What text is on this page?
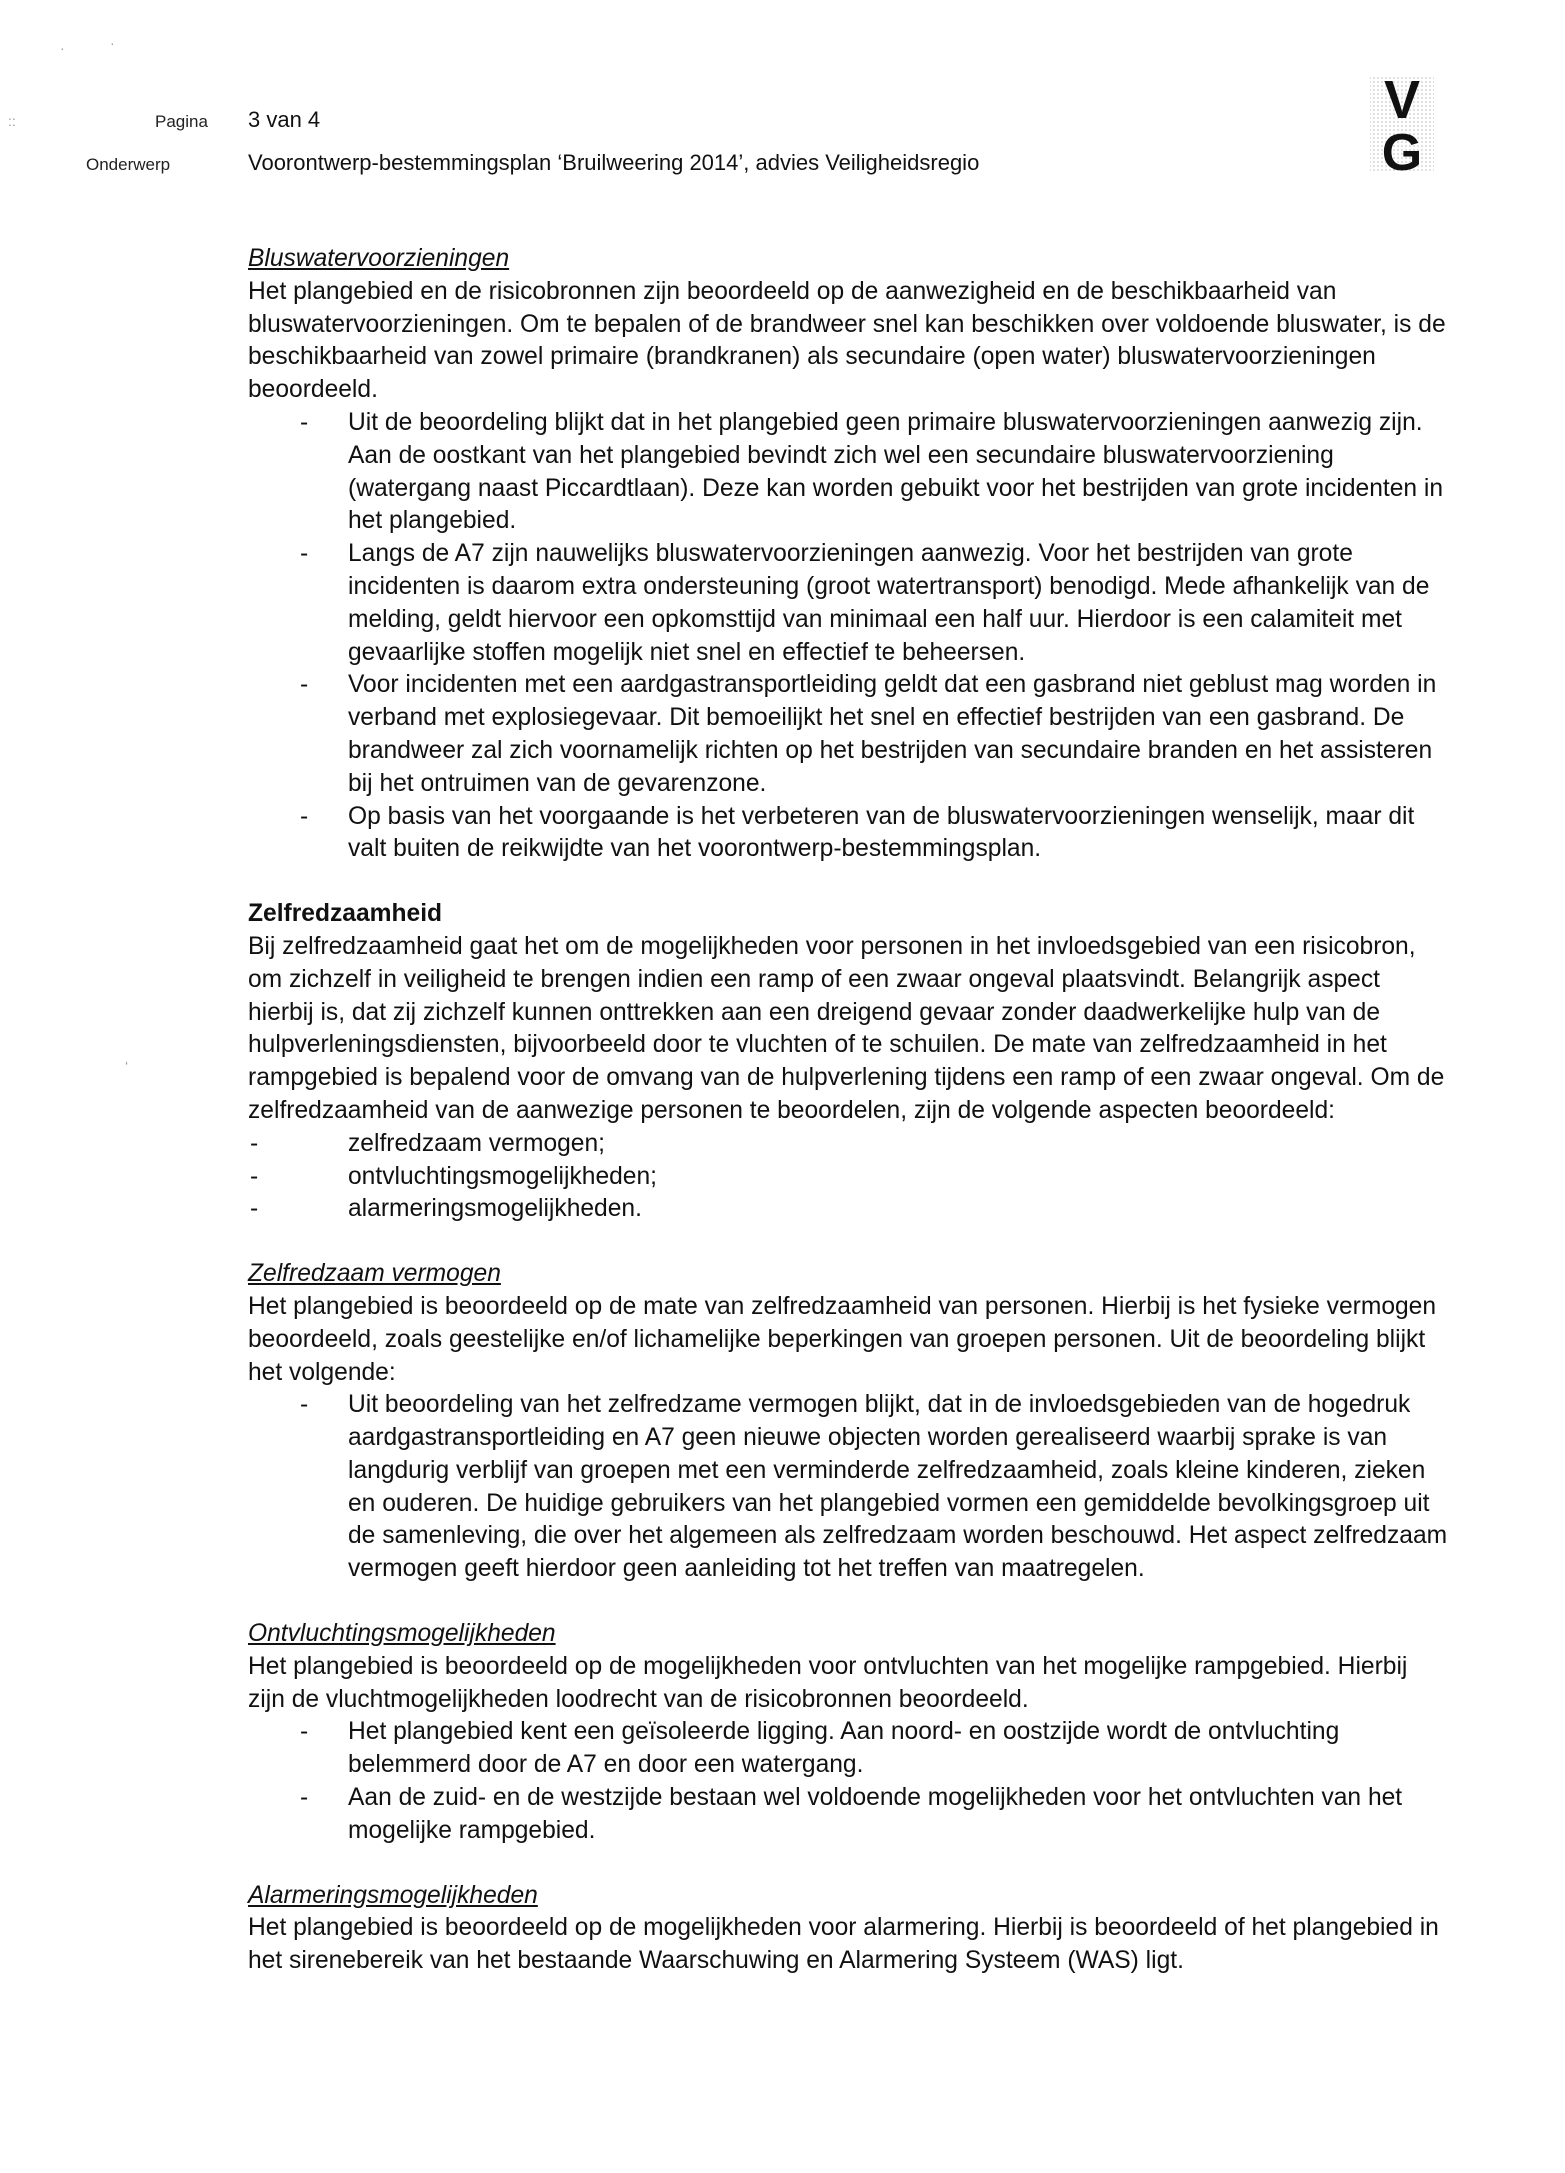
·	·
::
‘
Pagina 3 van 4
Onderwerp	Voorontwerp-bestemmingsplan ‘Bruilweering 2014’, advies Veiligheidsregio
V
G

Bluswatervoorzieningen

Het plangebied en de risicobronnen zijn beoordeeld op de aanwezigheid en de beschikbaarheid van bluswatervoorzieningen. Om te bepalen of de brandweer snel kan beschikken over voldoende bluswater, is de beschikbaarheid van zowel primaire (brandkranen) als secundaire (open water) bluswatervoorzieningen beoordeeld.

- Uit de beoordeling blijkt dat in het plangebied geen primaire bluswatervoorzieningen aanwezig zijn. Aan de oostkant van het plangebied bevindt zich wel een secundaire bluswatervoorziening (watergang naast Piccardtlaan). Deze kan worden gebuikt voor het bestrijden van grote incidenten in het plangebied.
- Langs de A7 zijn nauwelijks bluswatervoorzieningen aanwezig. Voor het bestrijden van grote incidenten is daarom extra ondersteuning (groot watertransport) benodigd. Mede afhankelijk van de melding, geldt hiervoor een opkomsttijd van minimaal een half uur. Hierdoor is een calamiteit met gevaarlijke stoffen mogelijk niet snel en effectief te beheersen.
- Voor incidenten met een aardgastransportleiding geldt dat een gasbrand niet geblust mag worden in verband met explosiegevaar. Dit bemoeilijkt het snel en effectief bestrijden van een gasbrand. De brandweer zal zich voornamelijk richten op het bestrijden van secundaire branden en het assisteren bij het ontruimen van de gevarenzone.
- Op basis van het voorgaande is het verbeteren van de bluswatervoorzieningen wenselijk, maar dit valt buiten de reikwijdte van het voorontwerp-bestemmingsplan.

Zelfredzaamheid

Bij zelfredzaamheid gaat het om de mogelijkheden voor personen in het invloedsgebied van een risicobron, om zichzelf in veiligheid te brengen indien een ramp of een zwaar ongeval plaatsvindt. Belangrijk aspect hierbij is, dat zij zichzelf kunnen onttrekken aan een dreigend gevaar zonder daadwerkelijke hulp van de hulpverleningsdiensten, bijvoorbeeld door te vluchten of te schuilen. De mate van zelfredzaamheid in het rampgebied is bepalend voor de omvang van de hulpverlening tijdens een ramp of een zwaar ongeval. Om de zelfredzaamheid van de aanwezige personen te beoordelen, zijn de volgende aspecten beoordeeld:

- zelfredzaam vermogen;
- ontvluchtingsmogelijkheden;
- alarmeringsmogelijkheden.

Zelfredzaam vermogen

Het plangebied is beoordeeld op de mate van zelfredzaamheid van personen. Hierbij is het fysieke vermogen beoordeeld, zoals geestelijke en/of lichamelijke beperkingen van groepen personen. Uit de beoordeling blijkt het volgende:

- Uit beoordeling van het zelfredzame vermogen blijkt, dat in de invloedsgebieden van de hogedruk aardgastransportleiding en A7 geen nieuwe objecten worden gerealiseerd waarbij sprake is van langdurig verblijf van groepen met een verminderde zelfredzaamheid, zoals kleine kinderen, zieken en ouderen. De huidige gebruikers van het plangebied vormen een gemiddelde bevolkingsgroep uit de samenleving, die over het algemeen als zelfredzaam worden beschouwd. Het aspect zelfredzaam vermogen geeft hierdoor geen aanleiding tot het treffen van maatregelen.

Ontvluchtingsmogelijkheden

Het plangebied is beoordeeld op de mogelijkheden voor ontvluchten van het mogelijke rampgebied. Hierbij zijn de vluchtmogelijkheden loodrecht van de risicobronnen beoordeeld.

- Het plangebied kent een geïsoleerde ligging. Aan noord- en oostzijde wordt de ontvluchting belemmerd door de A7 en door een watergang.
- Aan de zuid- en de westzijde bestaan wel voldoende mogelijkheden voor het ontvluchten van het mogelijke rampgebied.

Alarmeringsmogelijkheden

Het plangebied is beoordeeld op de mogelijkheden voor alarmering. Hierbij is beoordeeld of het plangebied in het sirenebereik van het bestaande Waarschuwing en Alarmering Systeem (WAS) ligt.
